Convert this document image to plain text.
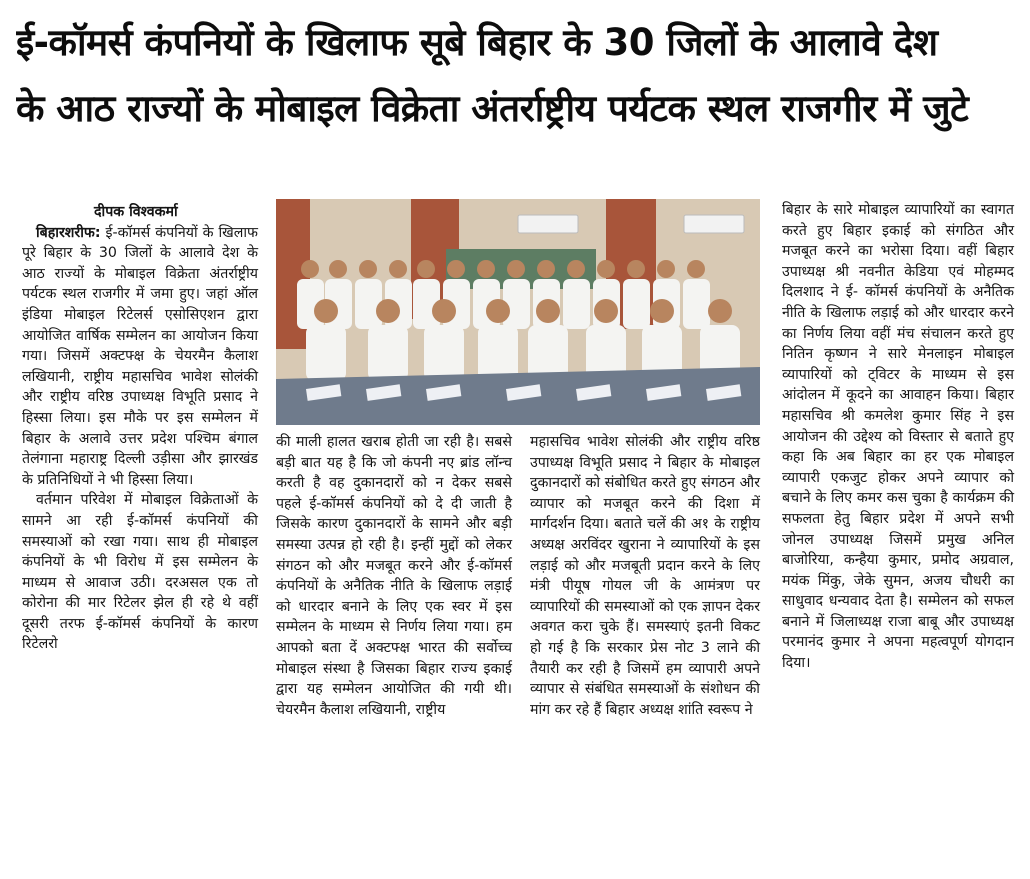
ई-कॉमर्स कंपनियों के खिलाफ सूबे बिहार के 30 जिलों के आलावे देश
के आठ राज्यों के मोबाइल विक्रेता अंतर्राष्ट्रीय पर्यटक स्थल राजगीर में जुटे

दीपक विश्वकर्मा

बिहारशरीफ: ई-कॉमर्स कंपनियों के खिलाफ पूरे बिहार के 30 जिलों के आलावे देश के आठ राज्यों के मोबाइल विक्रेता अंतर्राष्ट्रीय पर्यटक स्थल राजगीर में जमा हुए। जहां ऑल इंडिया मोबाइल रिटेलर्स एसोसिएशन द्वारा आयोजित वार्षिक सम्मेलन का आयोजन किया गया। जिसमें अक्टफ्क्ष के चेयरमैन कैलाश लखियानी, राष्ट्रीय महासचिव भावेश सोलंकी और राष्ट्रीय वरिष्ठ उपाध्यक्ष विभूति प्रसाद ने हिस्सा लिया। इस मौके पर इस सम्मेलन में बिहार के अलावे उत्तर प्रदेश पश्चिम बंगाल तेलंगाना महाराष्ट्र दिल्ली उड़ीसा और झारखंड के प्रतिनिधियों ने भी हिस्सा लिया।

वर्तमान परिवेश में मोबाइल विक्रेताओं के सामने आ रही ई-कॉमर्स कंपनियों की समस्याओं को रखा गया। साथ ही मोबाइल कंपनियों के भी विरोध में इस सम्मेलन के माध्यम से आवाज उठी। दरअसल एक तो कोरोना की मार रिटेलर झेल ही रहे थे वहीं दूसरी तरफ ई-कॉमर्स कंपनियों के कारण रिटेलरो

की माली हालत खराब होती जा रही है। सबसे बड़ी बात यह है कि जो कंपनी नए ब्रांड लॉन्च करती है वह दुकानदारों को न देकर सबसे पहले ई-कॉमर्स कंपनियों को दे दी जाती है जिसके कारण दुकानदारों के सामने और बड़ी समस्या उत्पन्न हो रही है। इन्हीं मुद्दों को लेकर संगठन को और मजबूत करने और ई-कॉमर्स कंपनियों के अनैतिक नीति के खिलाफ लड़ाई को धारदार बनाने के लिए एक स्वर में इस सम्मेलन के माध्यम से निर्णय लिया गया। हम आपको बता दें अक्टफ्क्ष भारत की सर्वोच्च मोबाइल संस्था है जिसका बिहार राज्य इकाई द्वारा यह सम्मेलन आयोजित की गयी थी। चेयरमैन कैलाश लखियानी, राष्ट्रीय

महासचिव भावेश सोलंकी और राष्ट्रीय वरिष्ठ उपाध्यक्ष विभूति प्रसाद ने बिहार के मोबाइल दुकानदारों को संबोधित करते हुए संगठन और व्यापार को मजबूत करने की दिशा में मार्गदर्शन दिया। बताते चलें की अ१ के राष्ट्रीय अध्यक्ष अरविंदर खुराना ने व्यापारियों के इस लड़ाई को और मजबूती प्रदान करने के लिए मंत्री पीयूष गोयल जी के आमंत्रण पर व्यापारियों की समस्याओं को एक ज्ञापन देकर अवगत करा चुके हैं। समस्याएं इतनी विकट हो गई है कि सरकार प्रेस नोट 3 लाने की तैयारी कर रही है जिसमें हम व्यापारी अपने व्यापार से संबंधित समस्याओं के संशोधन की मांग कर रहे हैं बिहार अध्यक्ष शांति स्वरूप ने

बिहार के सारे मोबाइल व्यापारियों का स्वागत करते हुए बिहार इकाई को संगठित और मजबूत करने का भरोसा दिया। वहीं बिहार उपाध्यक्ष श्री नवनीत केडिया एवं मोहम्मद दिलशाद ने ई- कॉमर्स कंपनियों के अनैतिक नीति के खिलाफ लड़ाई को और धारदार करने का निर्णय लिया वहीं मंच संचालन करते हुए नितिन कृष्णन ने सारे मेनलाइन मोबाइल व्यापारियों को ट्विटर के माध्यम से इस आंदोलन में कूदने का आवाहन किया। बिहार महासचिव श्री कमलेश कुमार सिंह ने इस आयोजन की उद्देश्य को विस्तार से बताते हुए कहा कि अब बिहार का हर एक मोबाइल व्यापारी एकजुट होकर अपने व्यापार को बचाने के लिए कमर कस चुका है कार्यक्रम की सफलता हेतु बिहार प्रदेश में अपने सभी जोनल उपाध्यक्ष जिसमें प्रमुख अनिल बाजोरिया, कन्हैया कुमार, प्रमोद अग्रवाल, मयंक मिंकु, जेके सुमन, अजय चौधरी का साधुवाद धन्यवाद देता है। सम्मेलन को सफल बनाने में जिलाध्यक्ष राजा बाबू और उपाध्यक्ष परमानंद कुमार ने अपना महत्वपूर्ण योगदान दिया।
